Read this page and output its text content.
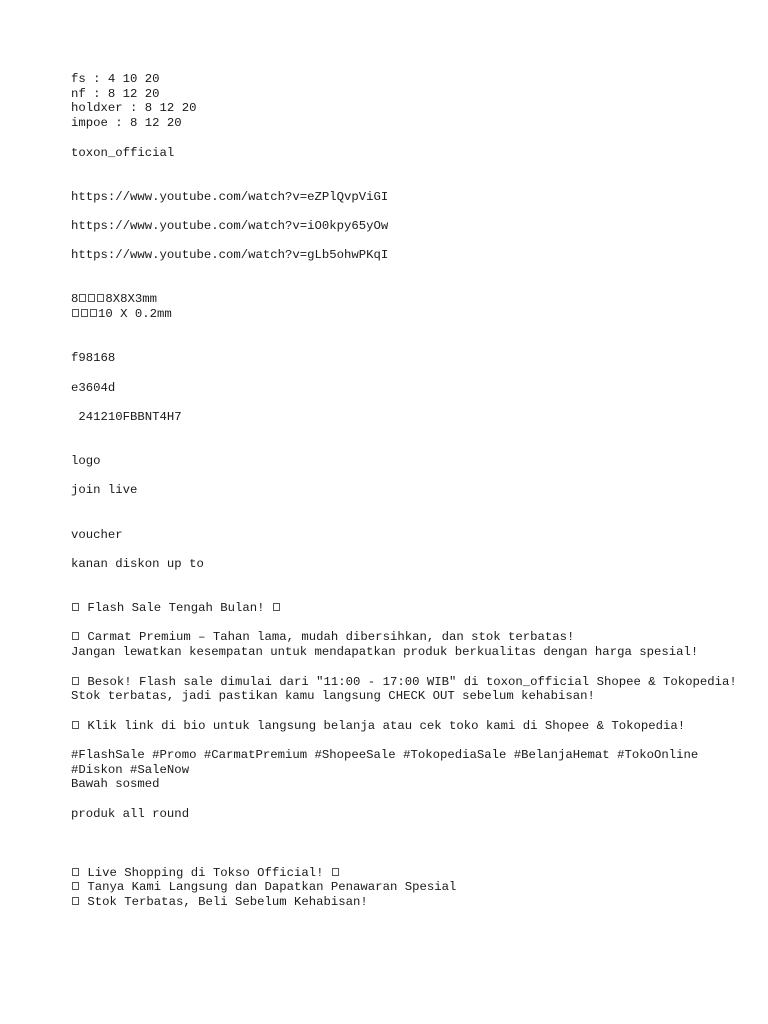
fs : 4 10 20
nf : 8 12 20
holdxer : 8 12 20
impoe : 8 12 20
toxon_official
https://www.youtube.com/watch?v=eZPlQvpViGI
https://www.youtube.com/watch?v=iO0kpy65yOw
https://www.youtube.com/watch?v=gLb5ohwPKqI
8 8X8X3mm
10 X 0.2mm
f98168
e3604d
241210FBBNT4H7
logo
join live
voucher
kanan diskon up to
Flash Sale Tengah Bulan!
Carmat Premium – Tahan lama, mudah dibersihkan, dan stok terbatas!
Jangan lewatkan kesempatan untuk mendapatkan produk berkualitas dengan harga spesial!
Besok! Flash sale dimulai dari "11:00 - 17:00 WIB" di toxon_official Shopee & Tokopedia!
Stok terbatas, jadi pastikan kamu langsung CHECK OUT sebelum kehabisan!
Klik link di bio untuk langsung belanja atau cek toko kami di Shopee & Tokopedia!
#FlashSale #Promo #CarmatPremium #ShopeeSale #TokopediaSale #BelanjaHemat #TokoOnline #Diskon #SaleNow
Bawah sosmed
produk all round
Live Shopping di Tokso Official!
Tanya Kami Langsung dan Dapatkan Penawaran Spesial
Stok Terbatas, Beli Sebelum Kehabisan!
